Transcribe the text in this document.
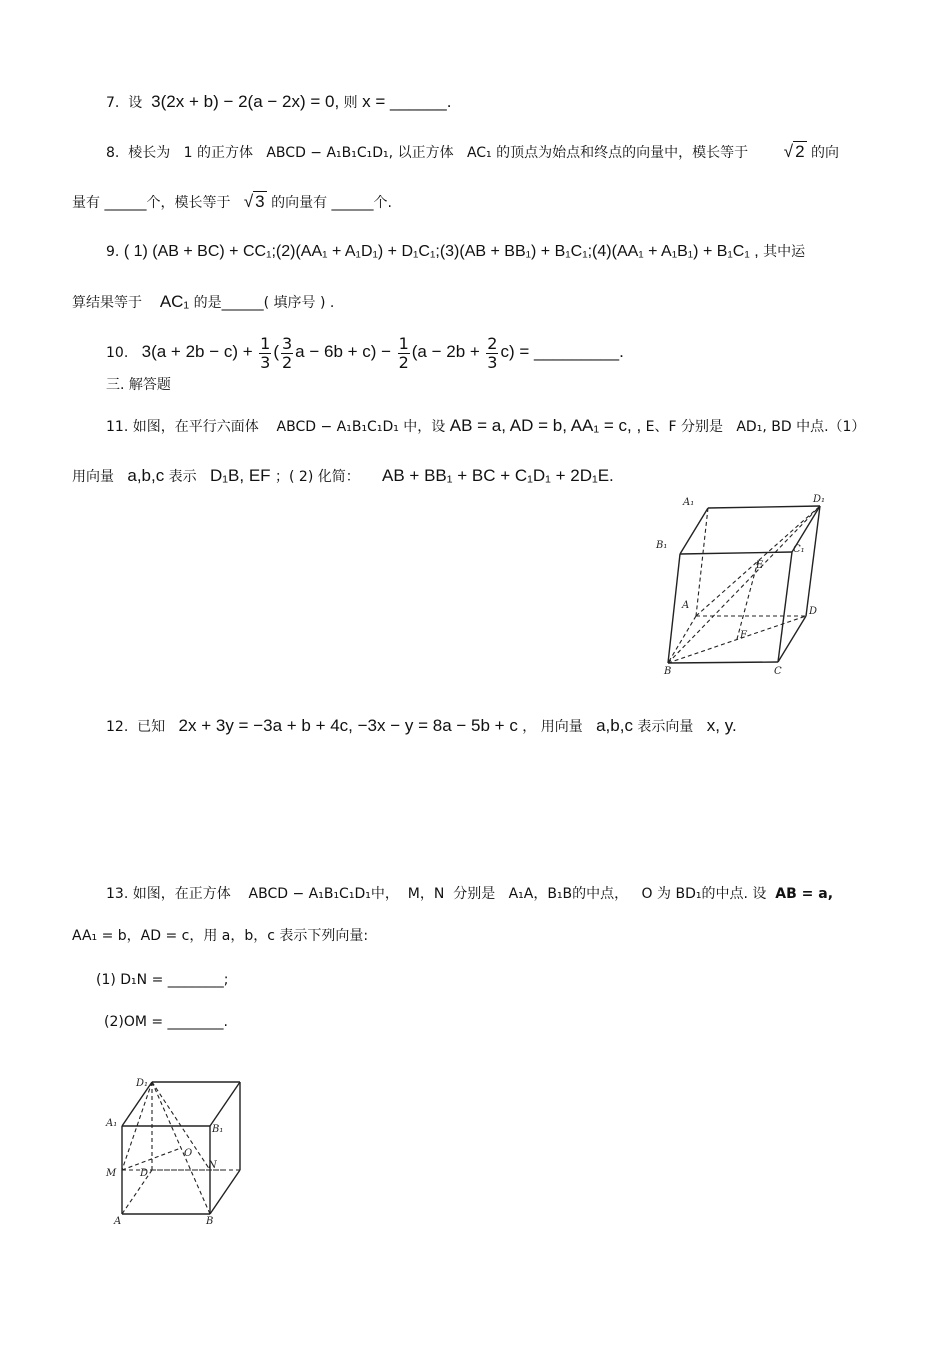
7. 设 3(2x + b) − 2(a − 2x) = 0, 则 x = ______.
8. 棱长为 1 的正方体 ABCD − A₁B₁C₁D₁, 以正方体 AC₁ 的顶点为始点和终点的向量中，模长等于 √ 2 的向
量有 ______个，模长等于 √ 3 的向量有 ______个.
9. ( 1) (AB + BC) + CC₁;(2)(AA₁ + A₁D₁) + D₁C₁;(3)(AB + BB₁) + B₁C₁;(4)(AA₁ + A₁B₁) + B₁C₁ , 其中运
算结果等于 AC₁ 的是______( 填序号 ) .
10. $3(a + 2b - c) + \frac{1}{3}$ ( $\frac{3}{2}$ $a - 6b + c) - \frac{1}{2} (a - 2b + \frac{2}{3} c)$ = _________.
三. 解答题
11. 如图，在平行六面体 ABCD − A₁B₁C₁D₁ 中，设 AB = a, AD = b, AA₁ = c, , E、F 分别是 AD₁, BD 中点.（1）
用向量 a,b,c 表示 D₁B, EF ；( 2) 化简： AB + BB₁ + BC + C₁D₁ + 2D₁E.
A₁	D₁
B₁	C₁
E
A
D
F
B	C
12. 已知 2x + 3y = −3a + b + 4c, −3x − y = 8a − 5b + c ， 用向量 a,b,c 表示向量 x, y.
13. 如图，在正方体 ABCD − A₁B₁C₁D₁中， M，N 分别是 A₁A，B₁B的中点， O 为 BD₁的中点. 设 AB = a,
AA₁ = b，AD = c，用 a，b，c 表示下列向量:
(1) D₁N = ________;
(2)OM = ________.
D₁
A₁
B₁
M D
O
N
A	B
